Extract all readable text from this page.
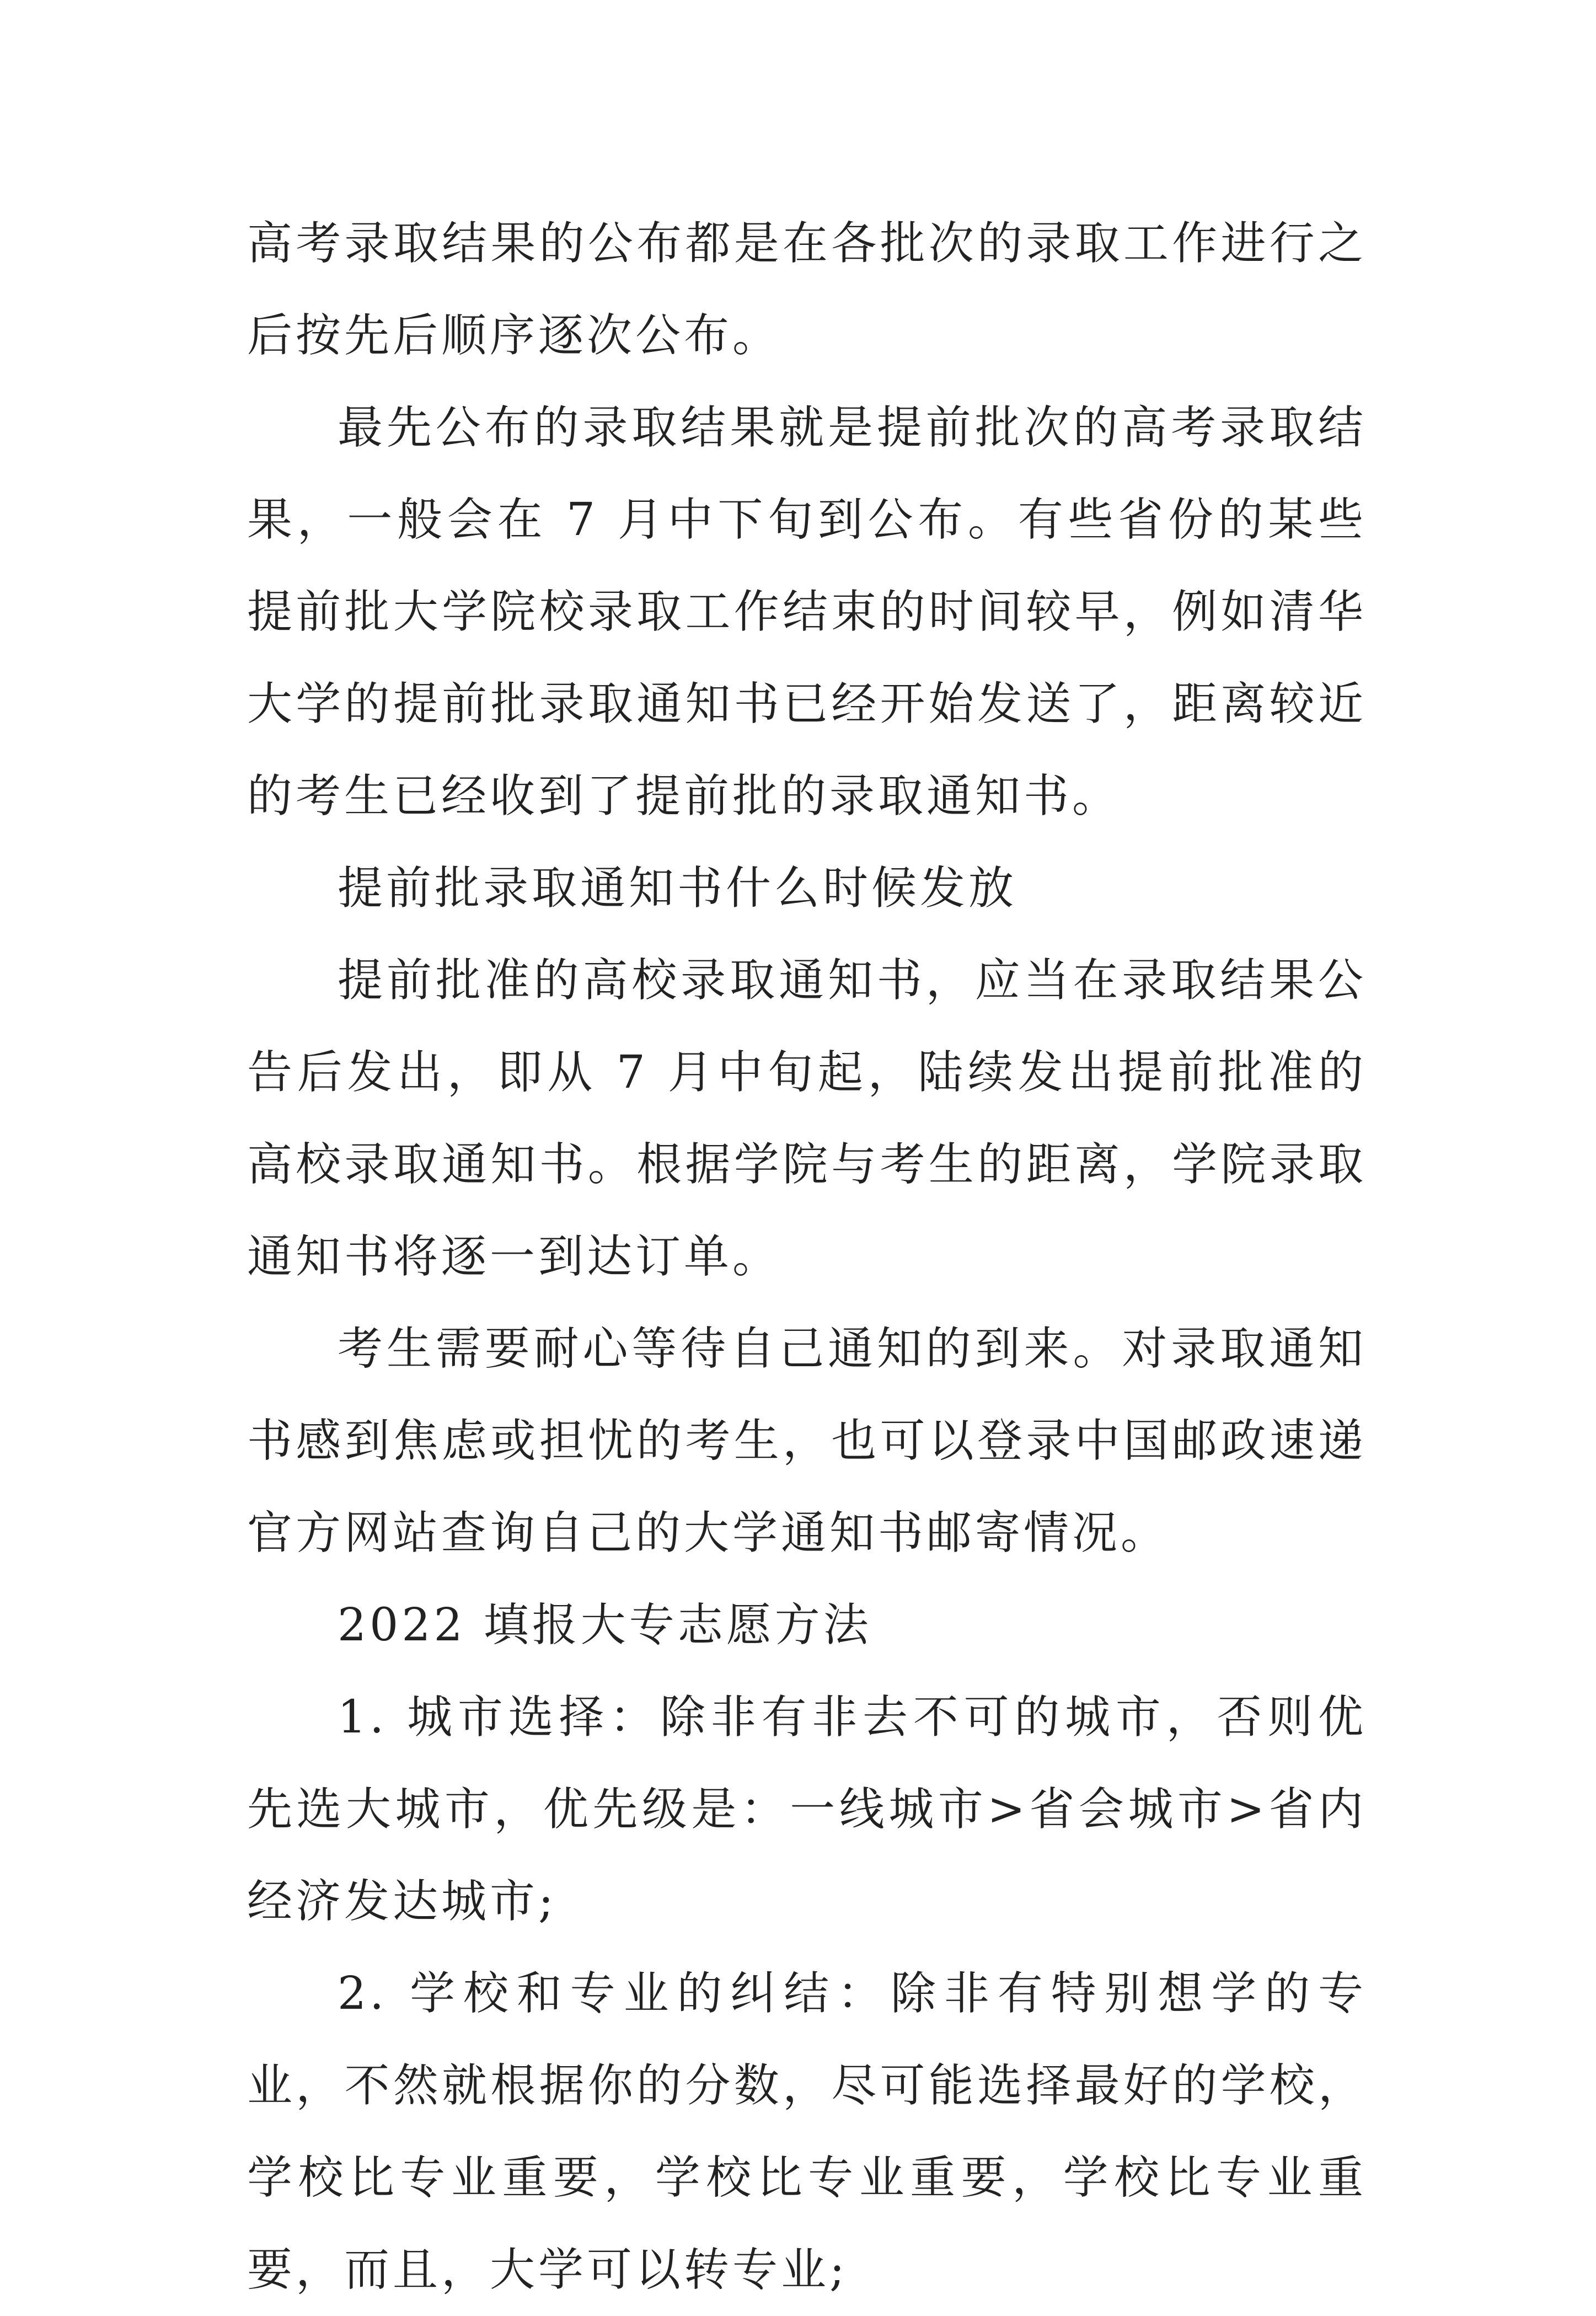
高考录取结果的公布都是在各批次的录取工作进行之后按先后顺序逐次公布。

最先公布的录取结果就是提前批次的高考录取结果，一般会在 7 月中下旬到公布。有些省份的某些提前批大学院校录取工作结束的时间较早，例如清华大学的提前批录取通知书已经开始发送了，距离较近的考生已经收到了提前批的录取通知书。

提前批录取通知书什么时候发放

提前批准的高校录取通知书，应当在录取结果公告后发出，即从 7 月中旬起，陆续发出提前批准的高校录取通知书。根据学院与考生的距离，学院录取通知书将逐一到达订单。

考生需要耐心等待自己通知的到来。对录取通知书感到焦虑或担忧的考生，也可以登录中国邮政速递官方网站查询自己的大学通知书邮寄情况。

2022 填报大专志愿方法

1. 城市选择：除非有非去不可的城市，否则优先选大城市，优先级是：一线城市>省会城市>省内经济发达城市;

2. 学校和专业的纠结：除非有特别想学的专业，不然就根据你的分数，尽可能选择最好的学校，学校比专业重要，学校比专业重要，学校比专业重要，而且，大学可以转专业;
